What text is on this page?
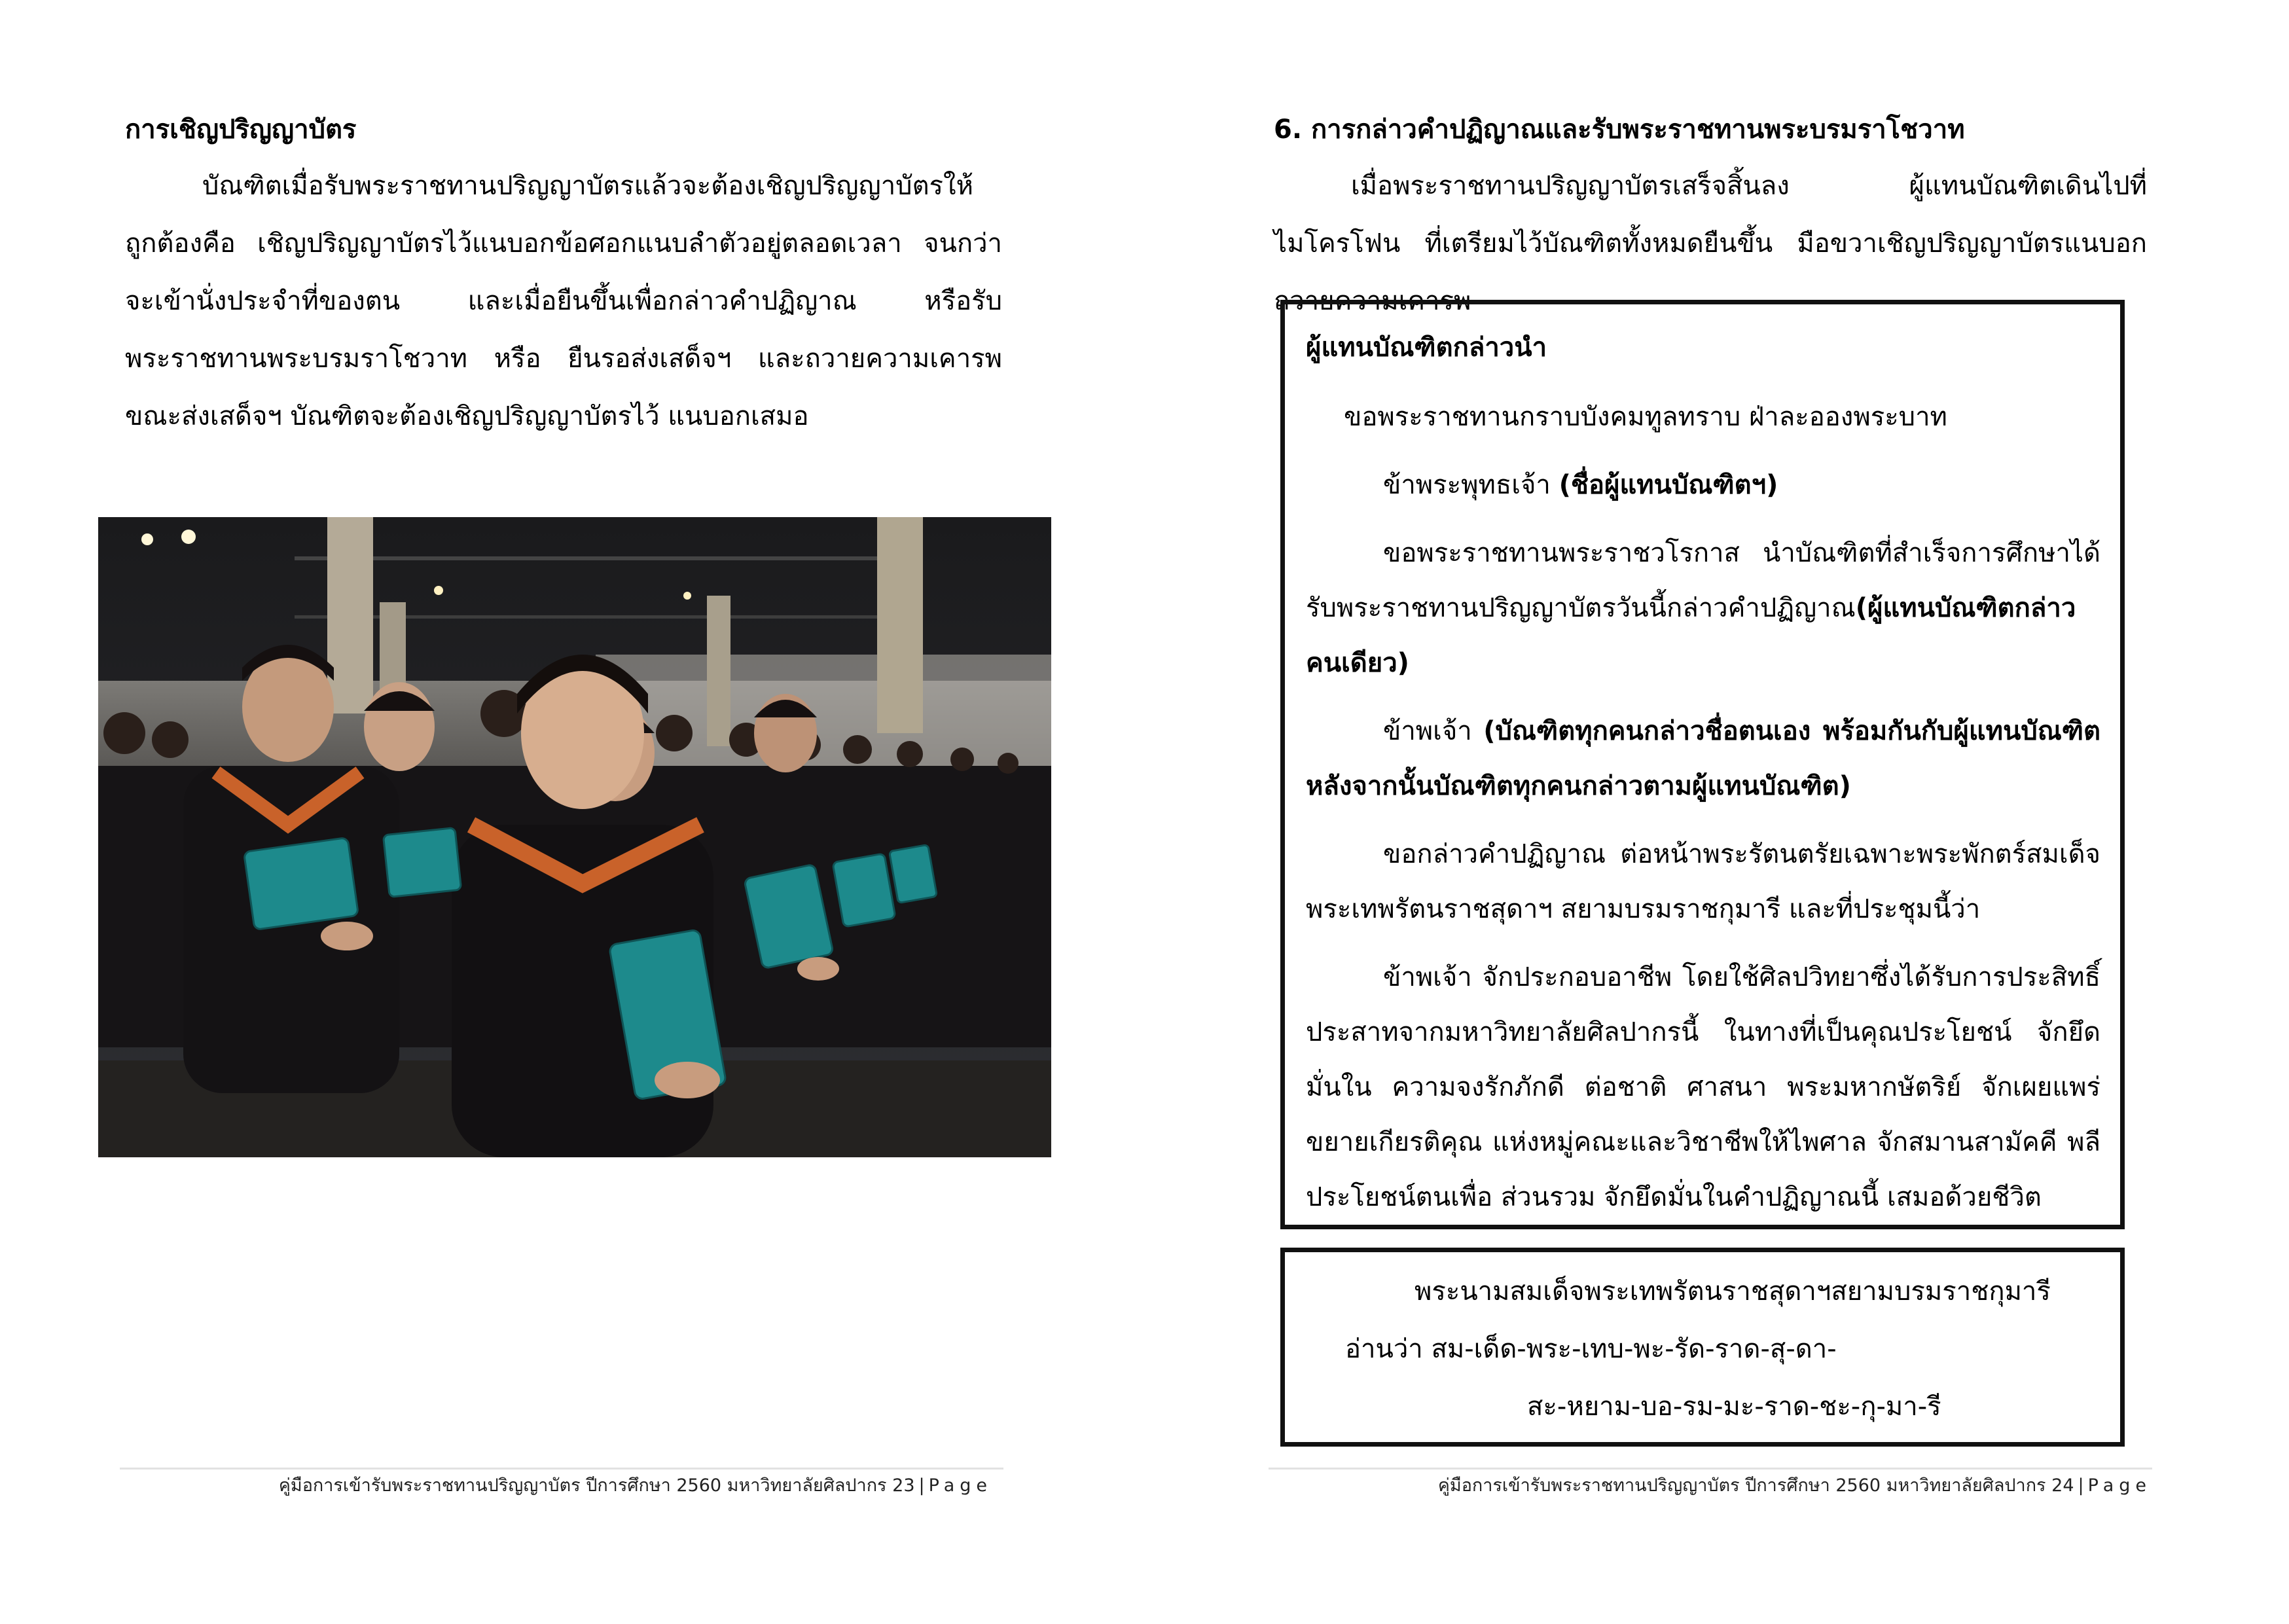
การเชิญปริญญาบัตร
บัณฑิตเมื่อรับพระราชทานปริญญาบัตรแล้วจะต้องเชิญปริญญาบัตรให้ถูกต้องคือ เชิญปริญญาบัตรไว้แนบอกข้อศอกแนบลำตัวอยู่ตลอดเวลา จนกว่าจะเข้านั่งประจำที่ของตน และเมื่อยืนขึ้นเพื่อกล่าวคำปฏิญาณ หรือรับพระราชทานพระบรมราโชวาท หรือ ยืนรอส่งเสด็จฯ และถวายความเคารพขณะส่งเสด็จฯ บัณฑิตจะต้องเชิญปริญญาบัตรไว้ แนบอกเสมอ
คู่มือการเข้ารับพระราชทานปริญญาบัตร ปีการศึกษา 2560 มหาวิทยาลัยศิลปากร 23 | Page
6. การกล่าวคำปฏิญาณและรับพระราชทานพระบรมราโชวาท
เมื่อพระราชทานปริญญาบัตรเสร็จสิ้นลง ผู้แทนบัณฑิตเดินไปที่ไมโครโฟน ที่เตรียมไว้บัณฑิตทั้งหมดยืนขึ้น มือขวาเชิญปริญญาบัตรแนบอกถวายความเคารพ
ผู้แทนบัณฑิตกล่าวนำ

ขอพระราชทานกราบบังคมทูลทราบ ฝ่าละอองพระบาท

ข้าพระพุทธเจ้า (ชื่อผู้แทนบัณฑิตฯ)

ขอพระราชทานพระราชวโรกาส นำบัณฑิตที่สำเร็จการศึกษาได้รับพระราชทานปริญญาบัตรวันนี้กล่าวคำปฏิญาณ(ผู้แทนบัณฑิตกล่าวคนเดียว)

ข้าพเจ้า (บัณฑิตทุกคนกล่าวชื่อตนเอง พร้อมกันกับผู้แทนบัณฑิต หลังจากนั้นบัณฑิตทุกคนกล่าวตามผู้แทนบัณฑิต)

ขอกล่าวคำปฏิญาณ ต่อหน้าพระรัตนตรัยเฉพาะพระพักตร์สมเด็จ พระเทพรัตนราชสุดาฯ สยามบรมราชกุมารี และที่ประชุมนี้ว่า

ข้าพเจ้า จักประกอบอาชีพ โดยใช้ศิลปวิทยาซึ่งได้รับการประสิทธิ์ ประสาทจากมหาวิทยาลัยศิลปากรนี้ ในทางที่เป็นคุณประโยชน์ จักยึดมั่นใน ความจงรักภักดี ต่อชาติ ศาสนา พระมหากษัตริย์ จักเผยแพร่ขยายเกียรติคุณ แห่งหมู่คณะและวิชาชีพให้ไพศาล จักสมานสามัคคี พลีประโยชน์ตนเพื่อ ส่วนรวม จักยึดมั่นในคำปฏิญาณนี้ เสมอด้วยชีวิต

พระนามสมเด็จพระเทพรัตนราชสุดาฯสยามบรมราชกุมารี
อ่านว่า สม-เด็ด-พระ-เทบ-พะ-รัด-ราด-สุ-ดา-
สะ-หยาม-บอ-รม-มะ-ราด-ชะ-กุ-มา-รี
คู่มือการเข้ารับพระราชทานปริญญาบัตร ปีการศึกษา 2560 มหาวิทยาลัยศิลปากร 24 | Page
